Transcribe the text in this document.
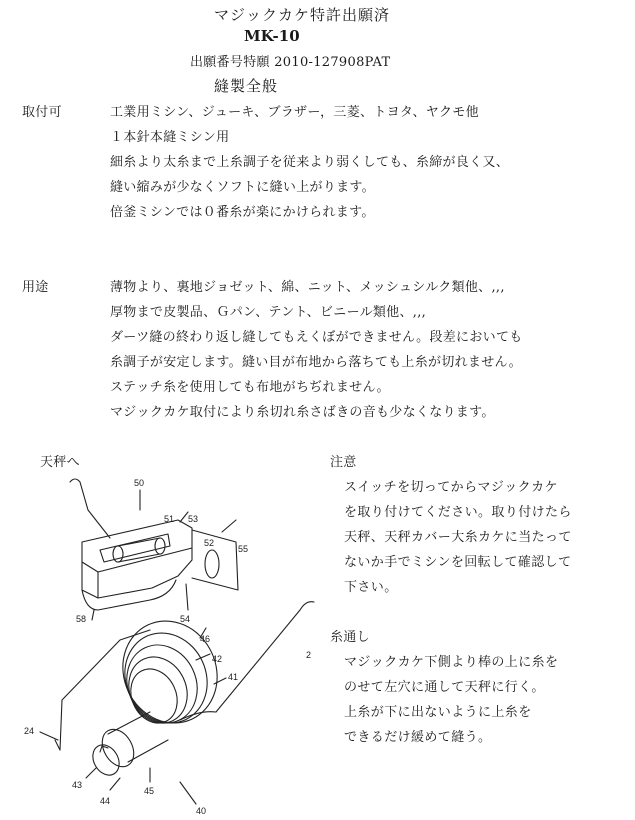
マジックカケ特許出願済
MK-10
出願番号特願 2010-127908PAT
縫製全般
取付可	工業用ミシン、ジューキ、ブラザー，三菱、トヨタ、ヤクモ他
１本針本縫ミシン用
細糸より太糸まで上糸調子を従来より弱くしても、糸締が良く又、
縫い縮みが少なくソフトに縫い上がります。
倍釜ミシンでは０番糸が楽にかけられます。
用途	薄物より、裏地ジョゼット、綿、ニット、メッシュシルク類他、,,,
厚物まで皮製品、Ｇパン、テント、ビニール類他、,,,
ダーツ縫の終わり返し縫してもえくぼができません。段差においても
糸調子が安定します。縫い目が布地から落ちても上糸が切れません。
ステッチ糸を使用しても布地がちぢれません。
マジックカケ取付により糸切れ糸さばきの音も少なくなります。
天秤へ
50
51 53
52
55
58	54
46
42
41
2
24
43
44
45
40
注意
スイッチを切ってからマジックカケ
を取り付けてください。取り付けたら
天秤、天秤カバー大糸カケに当たって
ないか手でミシンを回転して確認して
下さい。
糸通し
マジックカケ下側より棒の上に糸を
のせて左穴に通して天秤に行く。
上糸が下に出ないように上糸を
できるだけ緩めて縫う。
